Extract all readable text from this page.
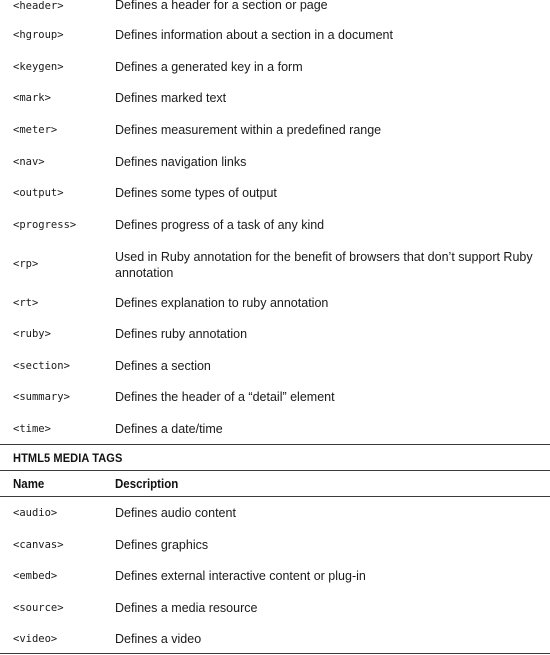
<header>	Defines a header for a section or page
<hgroup>	Defines information about a section in a document
<keygen>	Defines a generated key in a form
<mark>	Defines marked text
<meter>	Defines measurement within a predefined range
<nav>	Defines navigation links
<output>	Defines some types of output
<progress>	Defines progress of a task of any kind
<rp>	Used in Ruby annotation for the benefit of browsers that don’t support Ruby annotation
<rt>	Defines explanation to ruby annotation
<ruby>	Defines ruby annotation
<section>	Defines a section
<summary>	Defines the header of a “detail” element
<time>	Defines a date/time
HTML5 MEDIA TAGS
Name	Description
<audio>	Defines audio content
<canvas>	Defines graphics
<embed>	Defines external interactive content or plug-in
<source>	Defines a media resource
<video>	Defines a video
